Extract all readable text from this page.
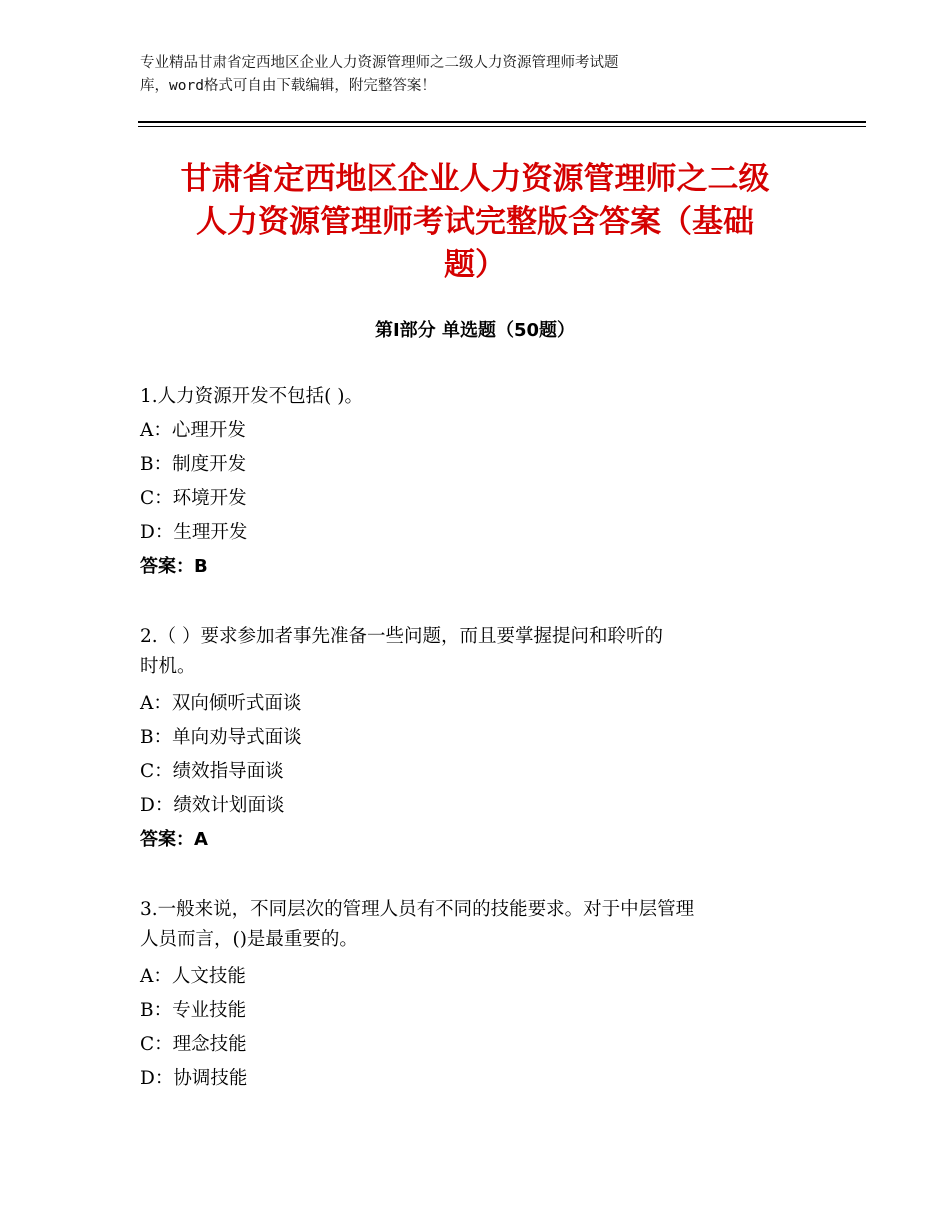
专业精品甘肃省定西地区企业人力资源管理师之二级人力资源管理师考试题
库，word格式可自由下载编辑，附完整答案！
甘肃省定西地区企业人力资源管理师之二级
人力资源管理师考试完整版含答案（基础
题）
第Ⅰ部分 单选题（50题）
1.人力资源开发不包括( )。
A：心理开发
B：制度开发
C：环境开发
D：生理开发
答案：B
2.（ ）要求参加者事先准备一些问题，而且要掌握提问和聆听的
时机。
A：双向倾听式面谈
B：单向劝导式面谈
C：绩效指导面谈
D：绩效计划面谈
答案：A
3.一般来说，不同层次的管理人员有不同的技能要求。对于中层管理
人员而言，()是最重要的。
A：人文技能
B：专业技能
C：理念技能
D：协调技能
